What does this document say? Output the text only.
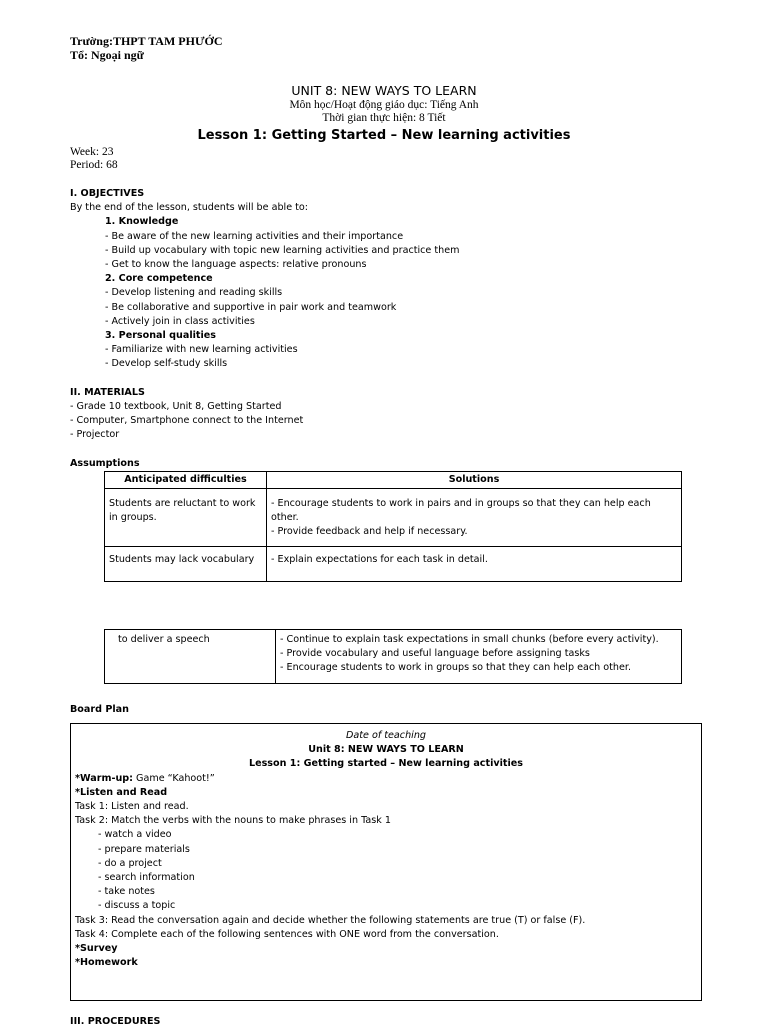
Trường:THPT TAM PHƯỚC
Tổ: Ngoại ngữ
UNIT 8: NEW WAYS TO LEARN
Môn học/Hoạt động giáo dục: Tiếng Anh
Thời gian thực hiện: 8 Tiết
Lesson 1: Getting Started – New learning activities
Week: 23
Period: 68
I. OBJECTIVES
By the end of the lesson, students will be able to:
1. Knowledge
- Be aware of the new learning activities and their importance
- Build up vocabulary with topic new learning activities and practice them
- Get to know the language aspects: relative pronouns
2. Core competence
- Develop listening and reading skills
- Be collaborative and supportive in pair work and teamwork
- Actively join in class activities
3. Personal qualities
- Familiarize with new learning activities
- Develop self-study skills
II. MATERIALS
- Grade 10 textbook, Unit 8, Getting Started
- Computer, Smartphone connect to the Internet
- Projector
Assumptions
Anticipated difficulties	Solutions

Students are reluctant to work
in groups.	- Encourage students to work in pairs and in groups so that they can help each other.
- Provide feedback and help if necessary.

Students may lack vocabulary	- Explain expectations for each task in detail.
to deliver a speech	- Continue to explain task expectations in small chunks (before every activity).
- Provide vocabulary and useful language before assigning tasks
- Encourage students to work in groups so that they can help each other.
Board Plan
Date of teaching
Unit 8: NEW WAYS TO LEARN
Lesson 1: Getting started – New learning activities
*Warm-up: Game “Kahoot!”
*Listen and Read
Task 1: Listen and read.
Task 2: Match the verbs with the nouns to make phrases in Task 1
- watch a video
- prepare materials
- do a project
- search information
- take notes
- discuss a topic
Task 3: Read the conversation again and decide whether the following statements are true (T) or false (F).
Task 4: Complete each of the following sentences with ONE word from the conversation.
*Survey
*Homework
III. PROCEDURES
